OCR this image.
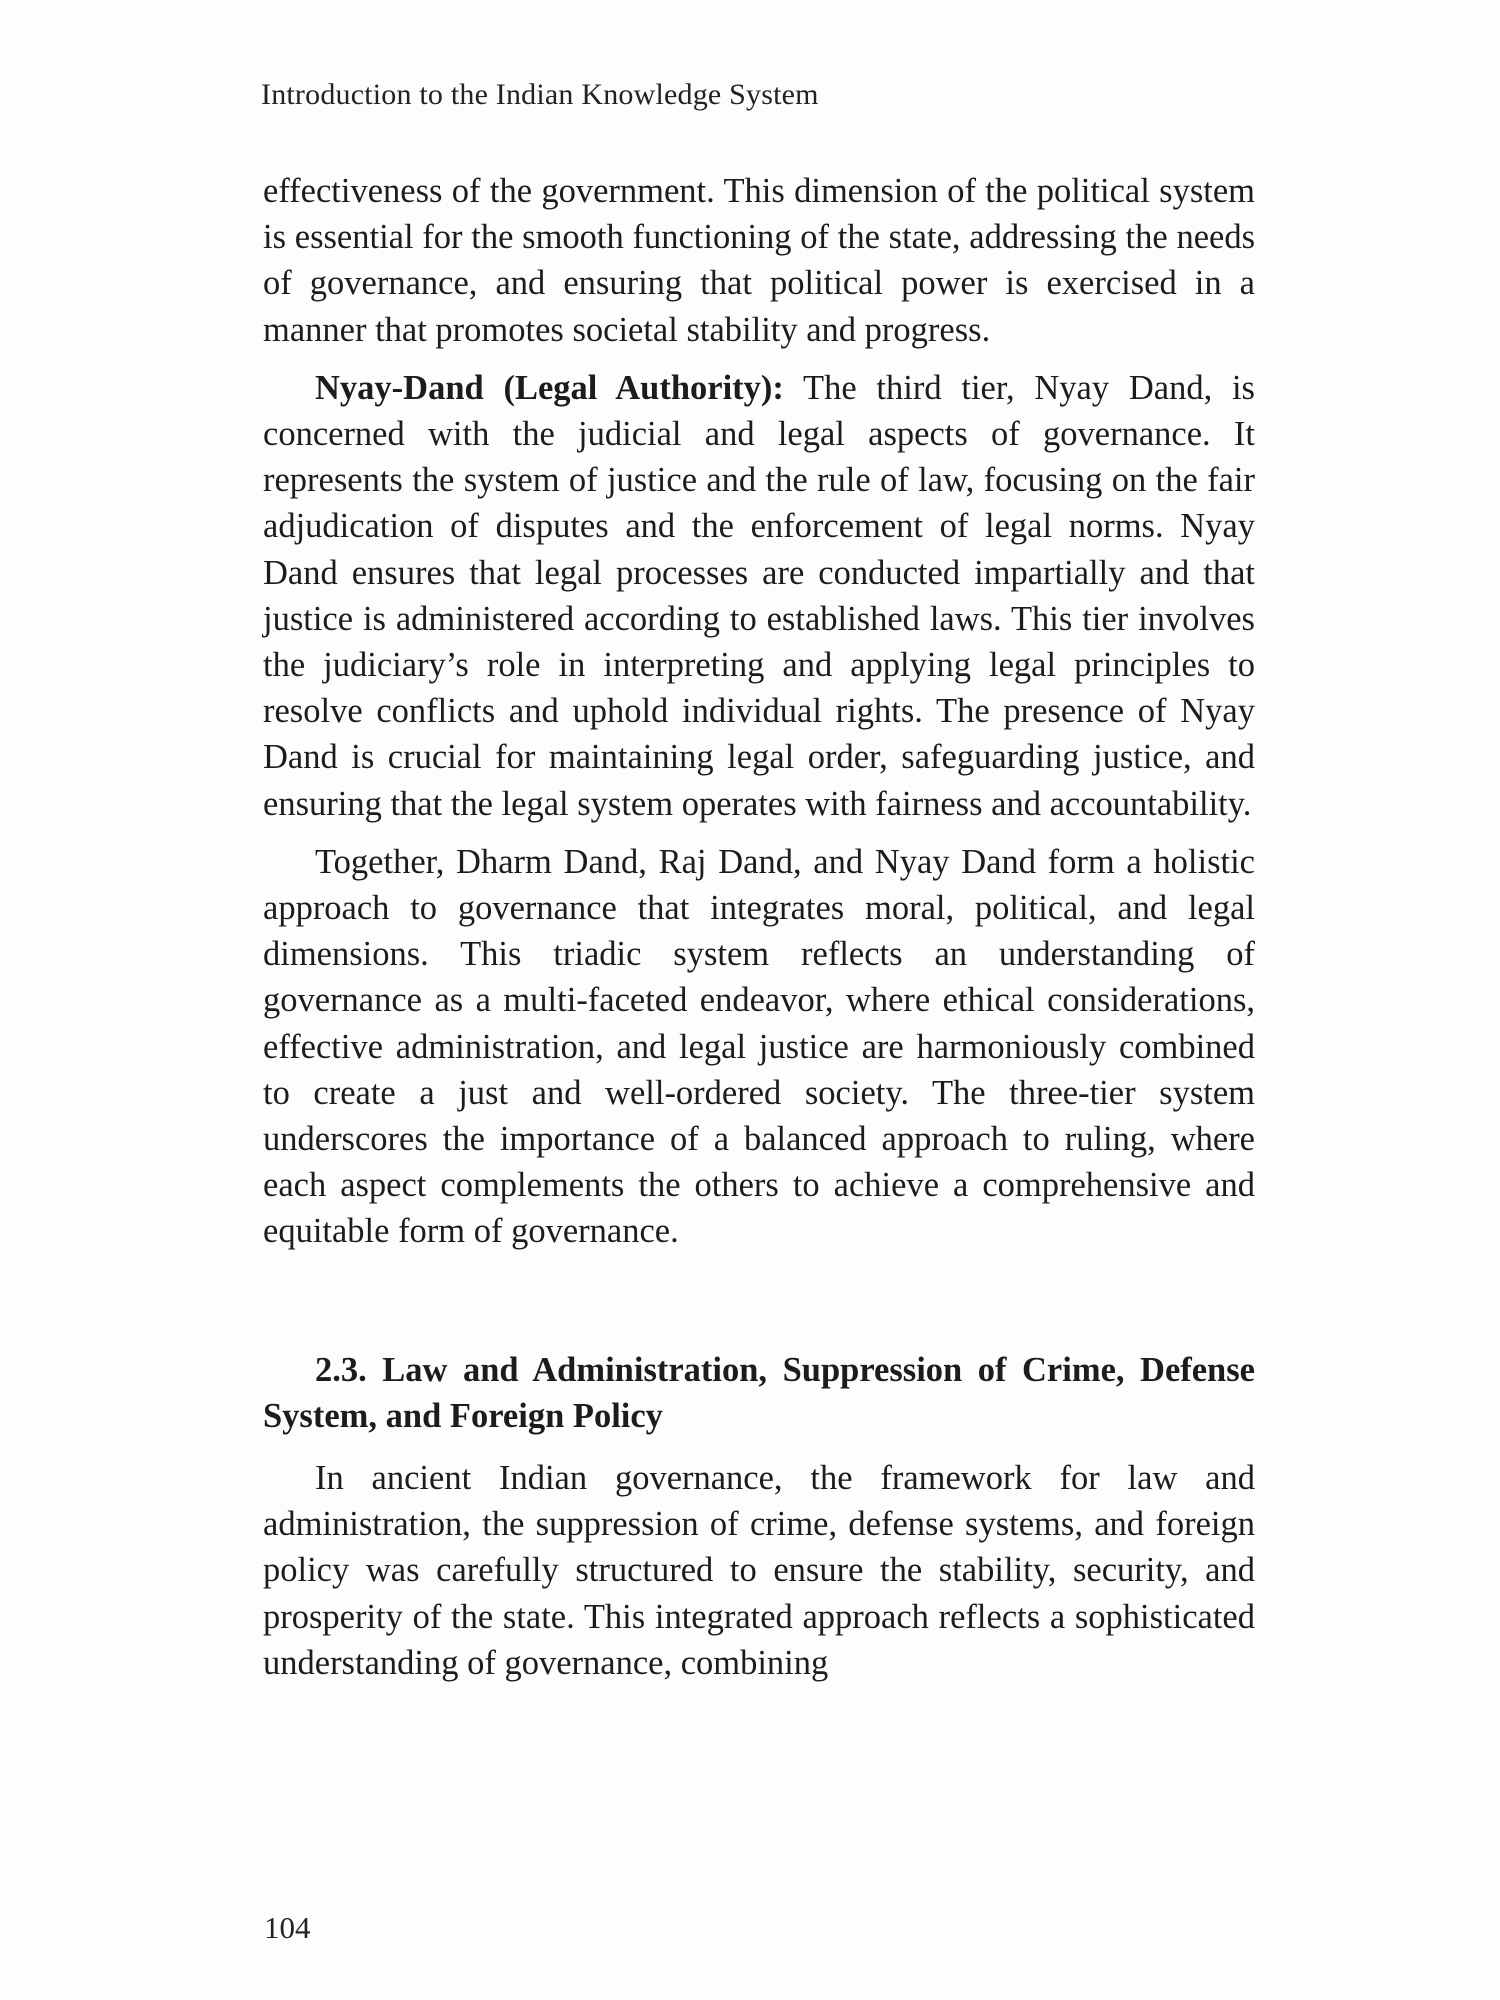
Introduction to the Indian Knowledge System

effectiveness of the government. This dimension of the political system is essential for the smooth functioning of the state, addressing the needs of governance, and ensuring that political power is exercised in a manner that promotes societal stability and progress.

Nyay-Dand (Legal Authority): The third tier, Nyay Dand, is concerned with the judicial and legal aspects of governance. It represents the system of justice and the rule of law, focusing on the fair adjudication of disputes and the enforcement of legal norms. Nyay Dand ensures that legal processes are conducted impartially and that justice is administered according to established laws. This tier involves the judiciary’s role in interpreting and applying legal principles to resolve conflicts and uphold individual rights. The presence of Nyay Dand is crucial for maintaining legal order, safeguarding justice, and ensuring that the legal system operates with fairness and accountability.

Together, Dharm Dand, Raj Dand, and Nyay Dand form a holistic approach to governance that integrates moral, political, and legal dimensions. This triadic system reflects an understanding of governance as a multi-faceted endeavor, where ethical considerations, effective administration, and legal justice are harmoniously combined to create a just and well-ordered society. The three-tier system underscores the importance of a balanced approach to ruling, where each aspect complements the others to achieve a comprehensive and equitable form of governance.

2.3. Law and Administration, Suppression of Crime, Defense System, and Foreign Policy

In ancient Indian governance, the framework for law and administration, the suppression of crime, defense systems, and foreign policy was carefully structured to ensure the stability, security, and prosperity of the state. This integrated approach reflects a sophisticated understanding of governance, combining

104
